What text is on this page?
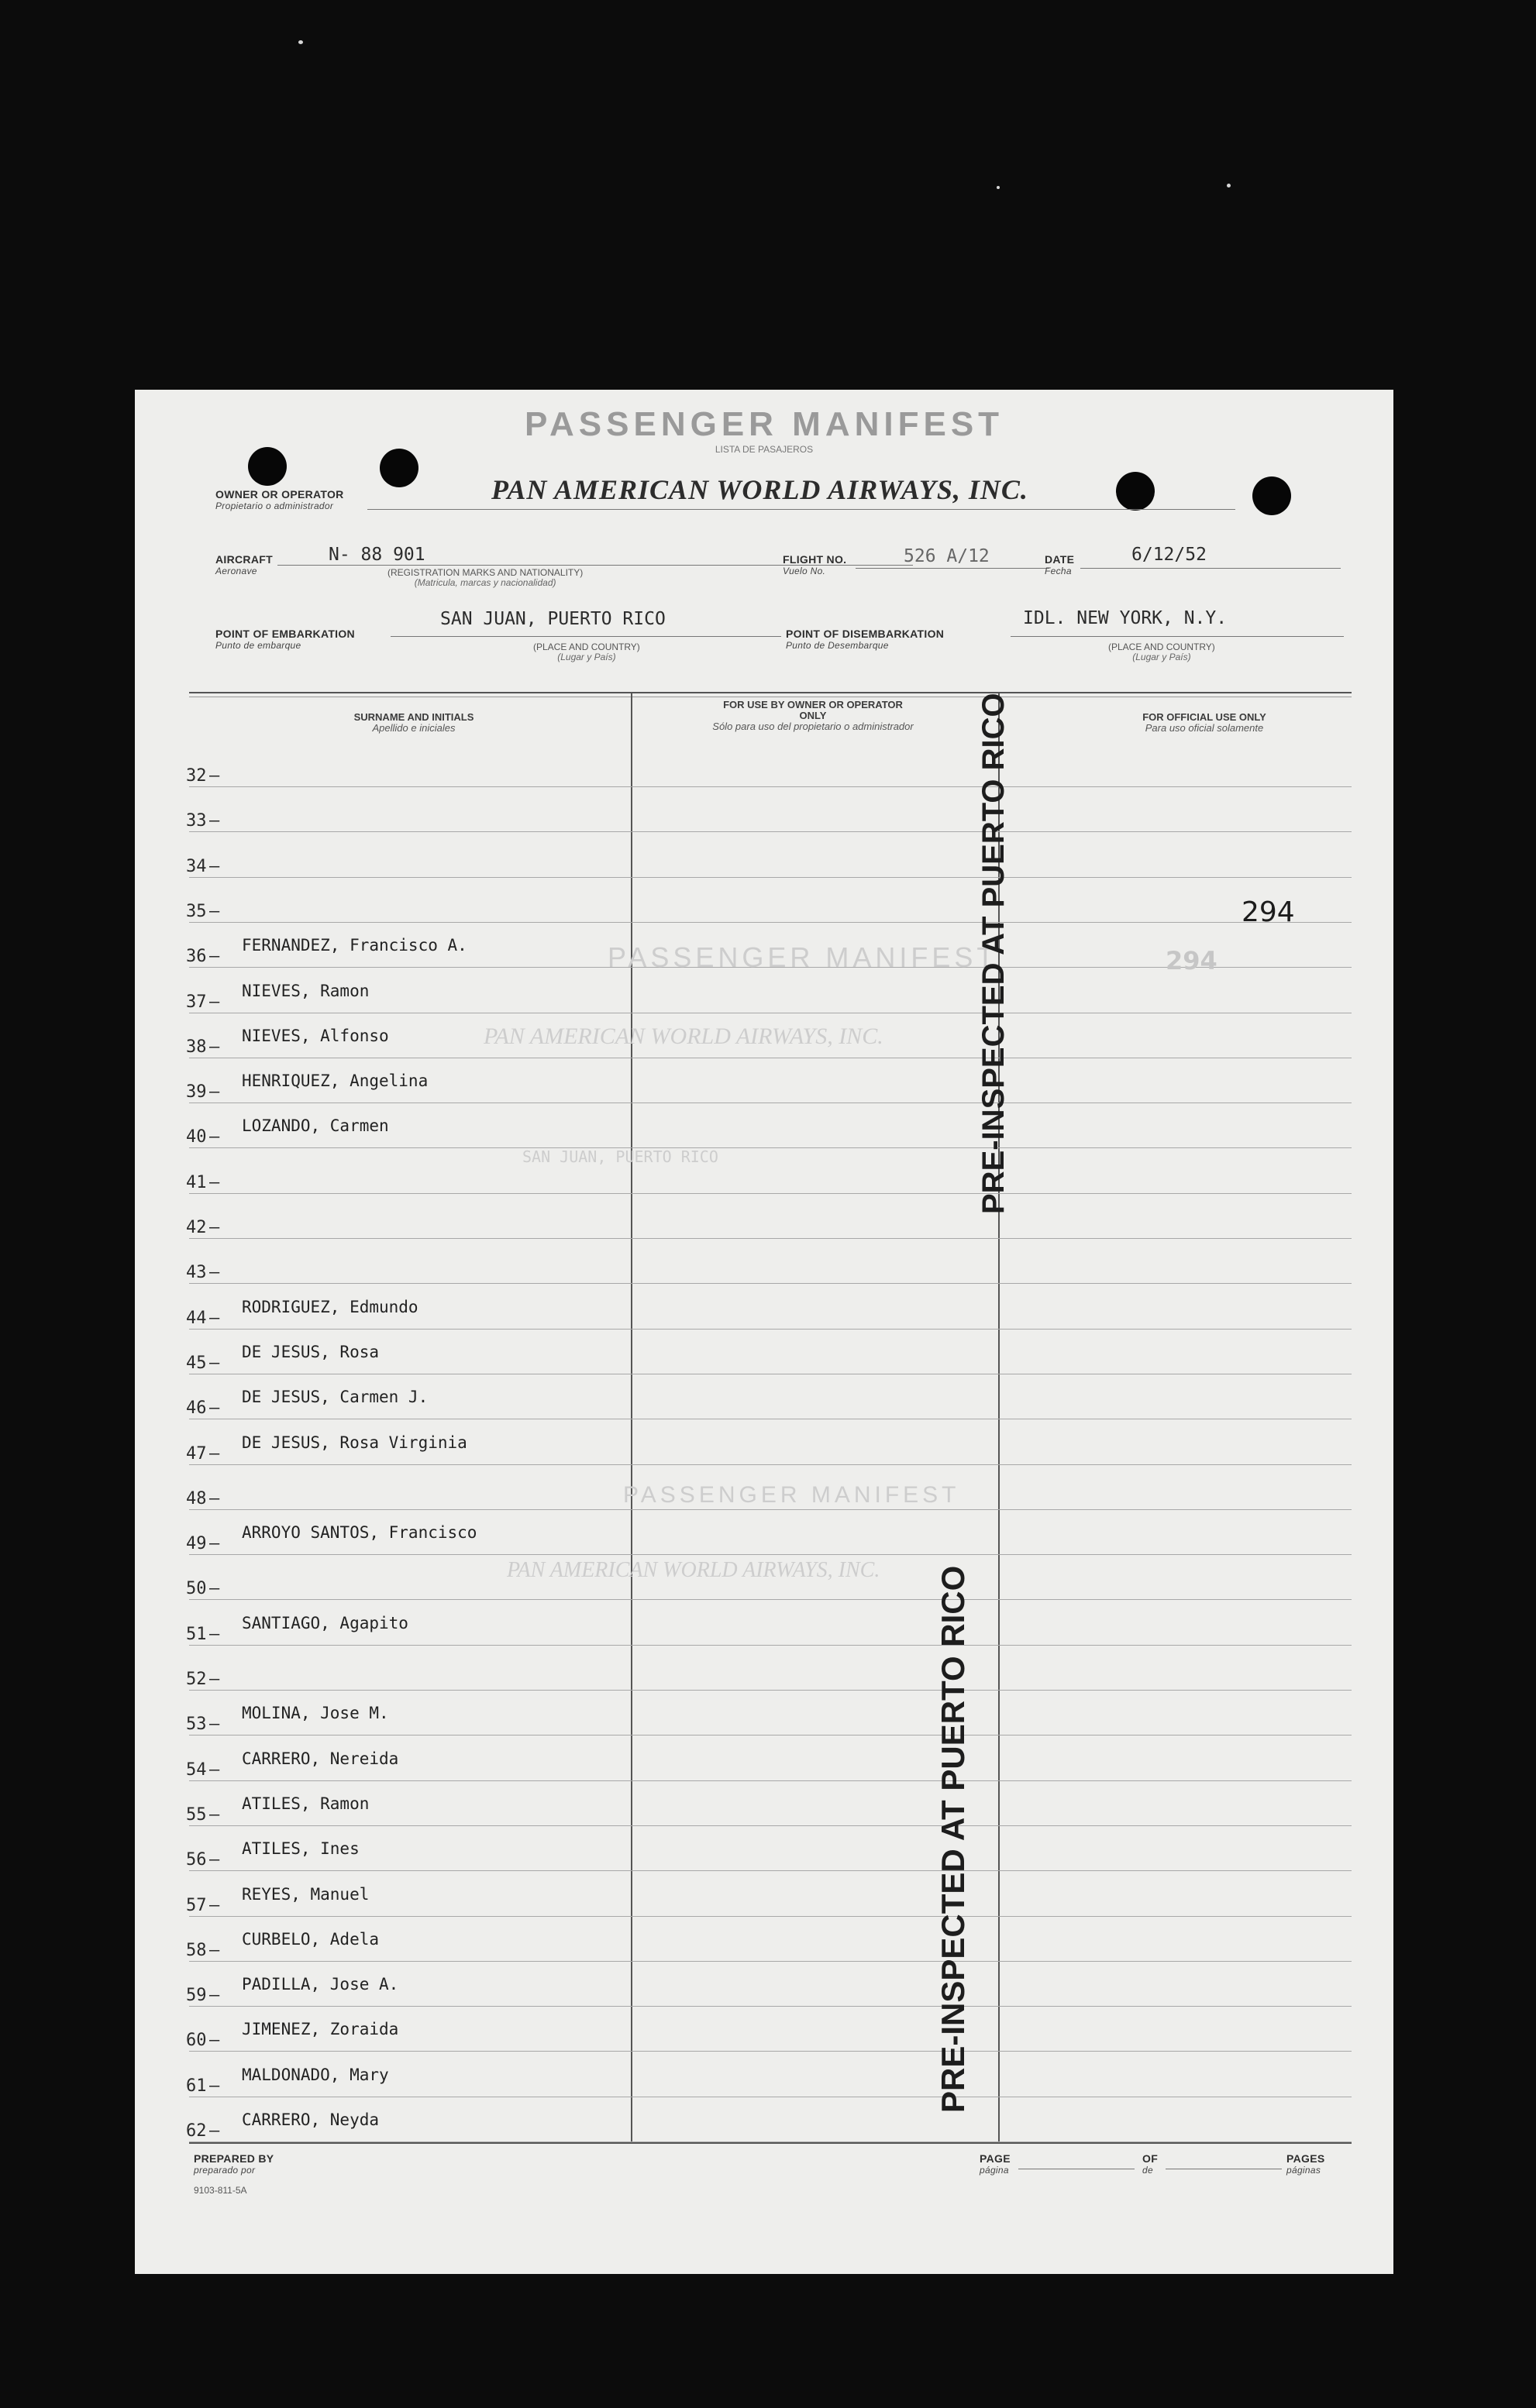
PASSENGER MANIFEST
LISTA DE PASAJEROS
OWNER OR OPERATOR
Propietario o administrador
PAN AMERICAN WORLD AIRWAYS, INC.
AIRCRAFT
Aeronave
N- 88 901
(REGISTRATION MARKS AND NATIONALITY)
(Matricula, marcas y nacionalidad)
FLIGHT NO.
Vuelo No.
526 A/12	DATE
Fecha
6/12/52
POINT OF EMBARKATION
Punto de embarque
SAN JUAN, PUERTO RICO
(PLACE AND COUNTRY)
(Lugar y País)
POINT OF DISEMBARKATION
Punto de Desembarque
IDL. NEW YORK, N.Y.
(PLACE AND COUNTRY)
(Lugar y País)
SURNAME AND INITIALS
Apellido e iniciales
FOR USE BY OWNER OR OPERATOR ONLY
Sólo para uso del propietario o administrador
FOR OFFICIAL USE ONLY
Para uso oficial solamente
32 –
33 –
34 –
35 –
36 –
FERNANDEZ, Francisco A.
37 –
NIEVES, Ramon
38 –
NIEVES, Alfonso
39 –
HENRIQUEZ, Angelina
40 –
LOZANDO, Carmen
41 –
42 –
43 –
44 –
RODRIGUEZ, Edmundo
45 –
DE JESUS, Rosa
46 –
DE JESUS, Carmen J.
47 –
DE JESUS, Rosa Virginia
48 –
49 –
ARROYO SANTOS, Francisco
50 –
51 –
SANTIAGO, Agapito
52 –
53 –
MOLINA, Jose M.
54 –
CARRERO, Nereida
55 –
ATILES, Ramon
56 –
ATILES, Ines
57 –
REYES, Manuel
58 –
CURBELO, Adela
59 –
PADILLA, Jose A.
60 –
JIMENEZ, Zoraida
61 –
MALDONADO, Mary
62 –
CARRERO, Neyda
294
294
PASSENGER MANIFEST
PAN AMERICAN WORLD AIRWAYS, INC.
SAN JUAN, PUERTO RICO
PASSENGER MANIFEST
PAN AMERICAN WORLD AIRWAYS, INC.
PRE-INSPECTED AT PUERTO RICO
PRE-INSPECTED AT PUERTO RICO
PREPARED BY
preparado por
9103-811-5A
PAGE
página
OF
de
PAGES
páginas
